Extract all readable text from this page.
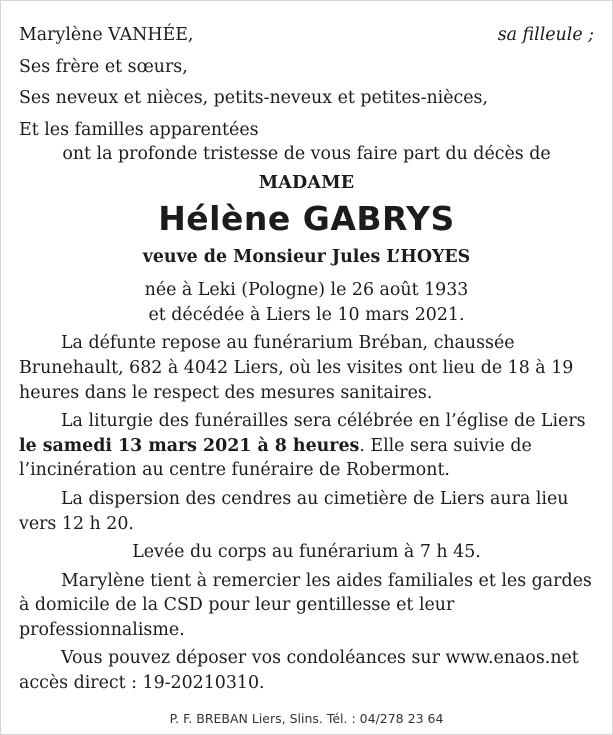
Marylène VANHÉE,	sa filleule ;
Ses frère et sœurs,
Ses neveux et nièces, petits-neveux et petites-nièces,
Et les familles apparentées
ont la profonde tristesse de vous faire part du décès de
MADAME
Hélène GABRYS
veuve de Monsieur Jules L’HOYES
née à Leki (Pologne) le 26 août 1933
et décédée à Liers le 10 mars 2021.
La défunte repose au funérarium Bréban, chaussée Brunehault, 682 à 4042 Liers, où les visites ont lieu de 18 à 19 heures dans le respect des mesures sanitaires.
La liturgie des funérailles sera célébrée en l’église de Liers le samedi 13 mars 2021 à 8 heures. Elle sera suivie de l’incinération au centre funéraire de Robermont.
La dispersion des cendres au cimetière de Liers aura lieu vers 12 h 20.
Levée du corps au funérarium à 7 h 45.
Marylène tient à remercier les aides familiales et les gardes à domicile de la CSD pour leur gentillesse et leur professionnalisme.
Vous pouvez déposer vos condoléances sur www.enaos.net accès direct : 19-20210310.
P. F. BREBAN Liers, Slins. Tél. : 04/278 23 64
